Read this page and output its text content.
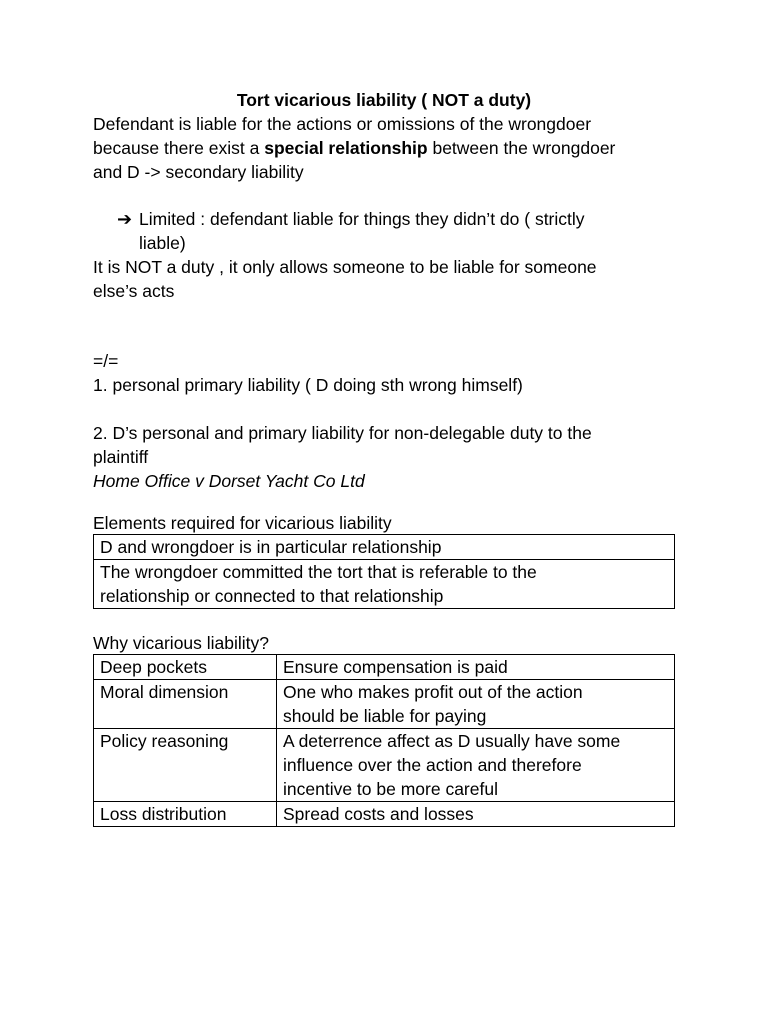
Tort vicarious liability ( NOT a duty)
Defendant is liable for the actions or omissions of the wrongdoer
because there exist a special relationship between the wrongdoer
and D -> secondary liability
➔ Limited : defendant liable for things they didn’t do ( strictly
liable)
It is NOT a duty , it only allows someone to be liable for someone
else’s acts
=/=
1. personal primary liability ( D doing sth wrong himself)
2. D’s personal and primary liability for non-delegable duty to the
plaintiff
Home Office v Dorset Yacht Co Ltd
Elements required for vicarious liability
D and wrongdoer is in particular relationship

The wrongdoer committed the tort that is referable to the
relationship or connected to that relationship
Why vicarious liability?
Deep pockets	Ensure compensation is paid

Moral dimension	One who makes profit out of the action
should be liable for paying

Policy reasoning	A deterrence affect as D usually have some
influence over the action and therefore
incentive to be more careful

Loss distribution	Spread costs and losses
